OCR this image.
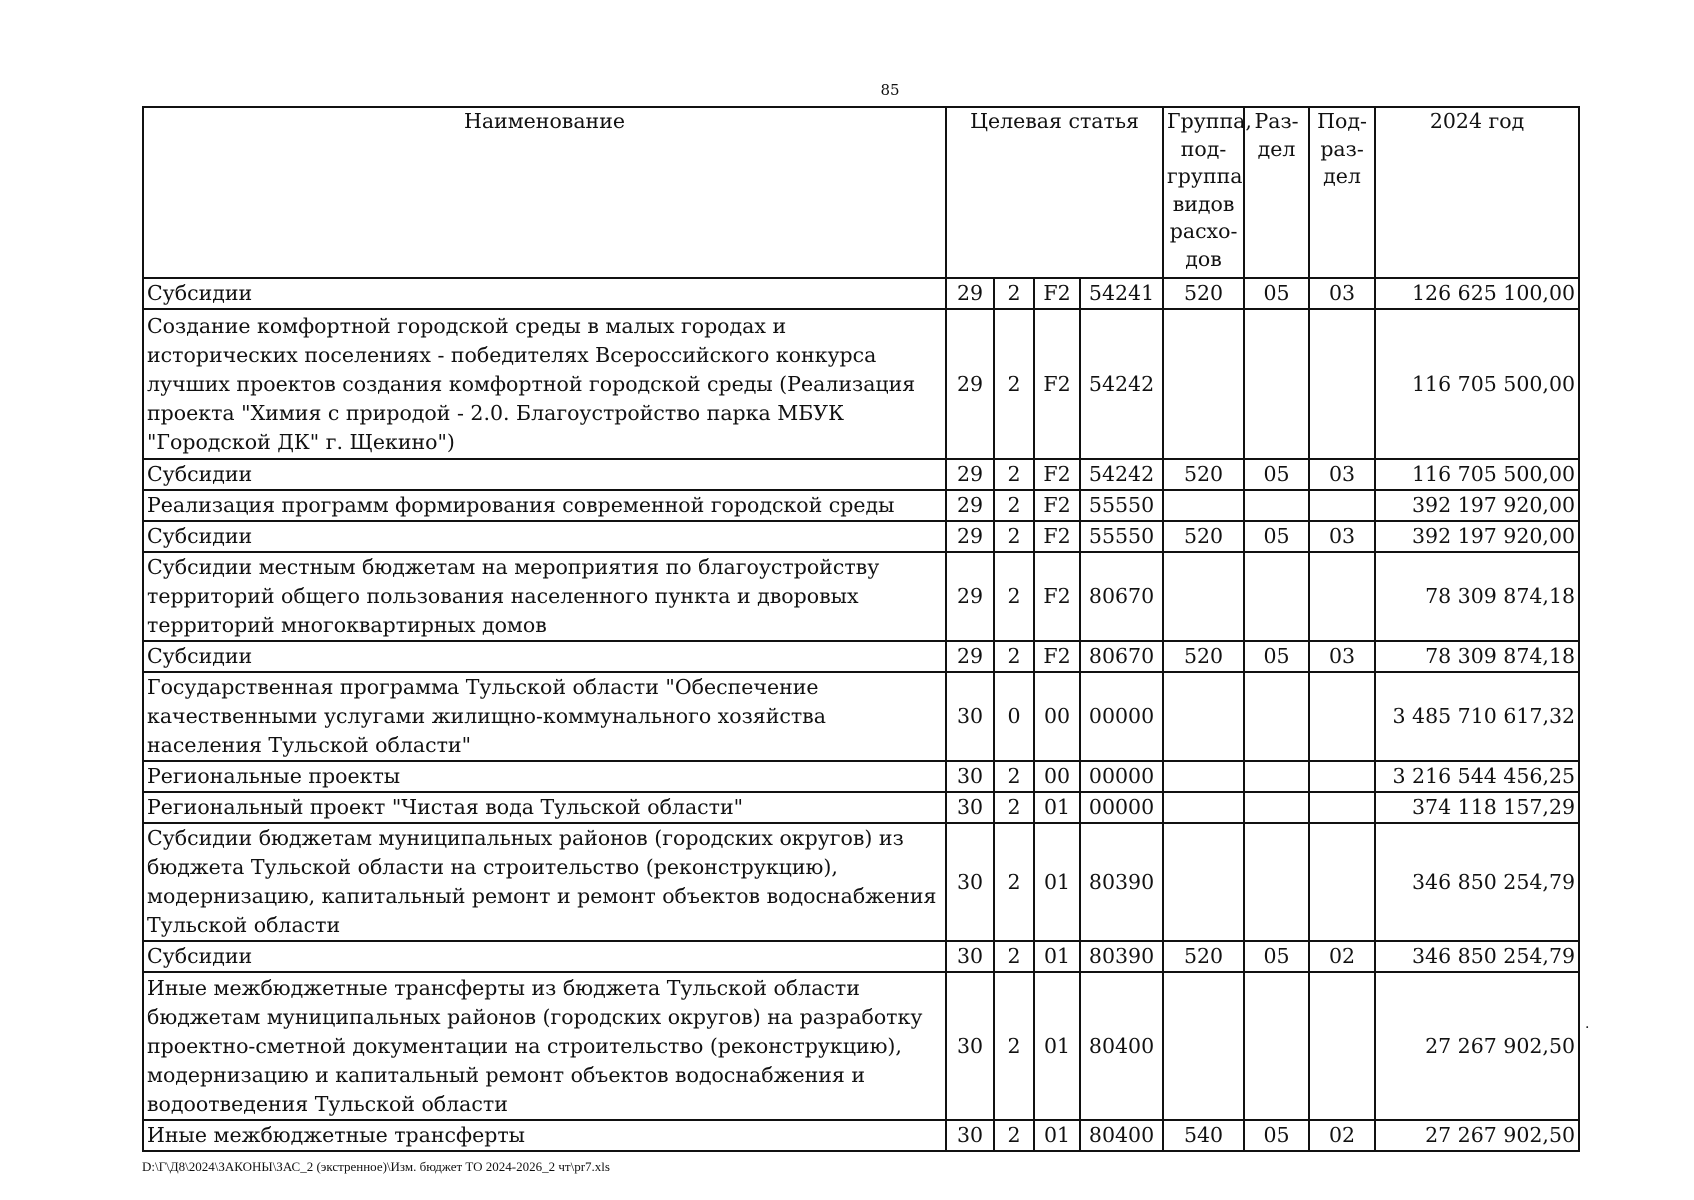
85
Наименование	Целевая статья				Группа, под- группа видов расхо- дов	Раз- дел	Под- раз- дел	2024 год
Субсидии	29	2	F2	54241	520	05	03	126 625 100,00
Создание комфортной городской среды в малых городах и исторических поселениях - победителях Всероссийского конкурса лучших проектов создания комфортной городской среды (Реализация проекта "Химия с природой - 2.0. Благоустройство парка МБУК "Городской ДК" г. Щекино")	29	2	F2	54242				116 705 500,00
Субсидии	29	2	F2	54242	520	05	03	116 705 500,00
Реализация программ формирования современной городской среды	29	2	F2	55550				392 197 920,00
Субсидии	29	2	F2	55550	520	05	03	392 197 920,00
Субсидии местным бюджетам на мероприятия по благоустройству территорий общего пользования населенного пункта и дворовых территорий многоквартирных домов	29	2	F2	80670				78 309 874,18
Субсидии	29	2	F2	80670	520	05	03	78 309 874,18
Государственная программа Тульской области "Обеспечение качественными услугами жилищно-коммунального хозяйства населения Тульской области"	30	0	00	00000				3 485 710 617,32
Региональные проекты	30	2	00	00000				3 216 544 456,25
Региональный проект "Чистая вода Тульской области"	30	2	01	00000				374 118 157,29
Субсидии бюджетам муниципальных районов (городских округов) из бюджета Тульской области на строительство (реконструкцию), модернизацию, капитальный ремонт и ремонт объектов водоснабжения Тульской области	30	2	01	80390				346 850 254,79
Субсидии	30	2	01	80390	520	05	02	346 850 254,79
Иные межбюджетные трансферты из бюджета Тульской области бюджетам муниципальных районов (городских округов) на разработку проектно-сметной документации на строительство (реконструкцию), модернизацию и капитальный ремонт объектов водоснабжения и водоотведения Тульской области	30	2	01	80400				27 267 902,50
Иные межбюджетные трансферты	30	2	01	80400	540	05	02	27 267 902,50
·
D:\Г\Д8\2024\ЗАКОНЫ\ЗАС_2 (экстренное)\Изм. бюджет ТО 2024-2026_2 чт\pr7.xls
